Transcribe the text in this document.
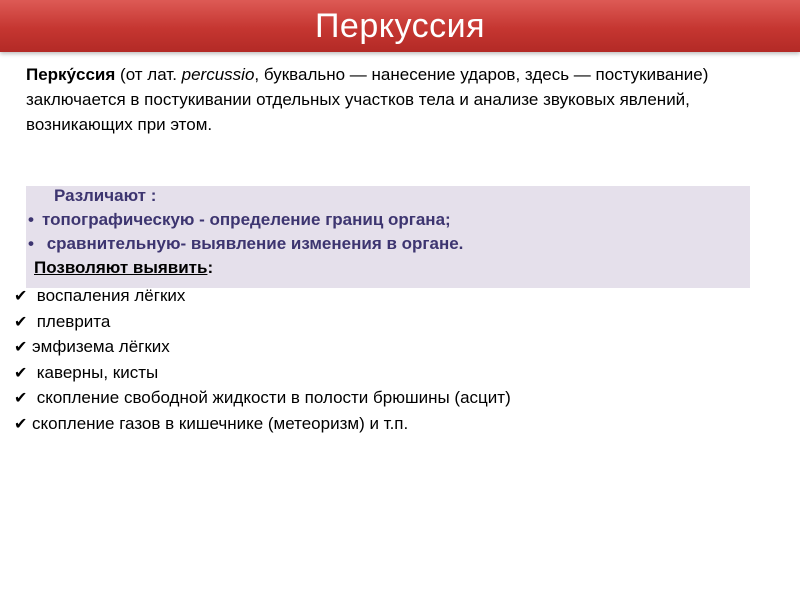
Перкуссия
Перку́ссия (от лат. percussio, буквально — нанесение ударов, здесь — постукивание) заключается в постукивании отдельных участков тела и анализе звуковых явлений, возникающих при этом.
Различают :
• топографическую - определение границ органа;
• сравнительную- выявление изменения в органе.
Позволяют выявить:
✔ воспаления лёгких
✔ плеврита
✔ эмфизема лёгких
✔ каверны, кисты
✔ скопление свободной жидкости в полости брюшины (асцит)
✔ скопление газов в кишечнике (метеоризм) и т.п.
